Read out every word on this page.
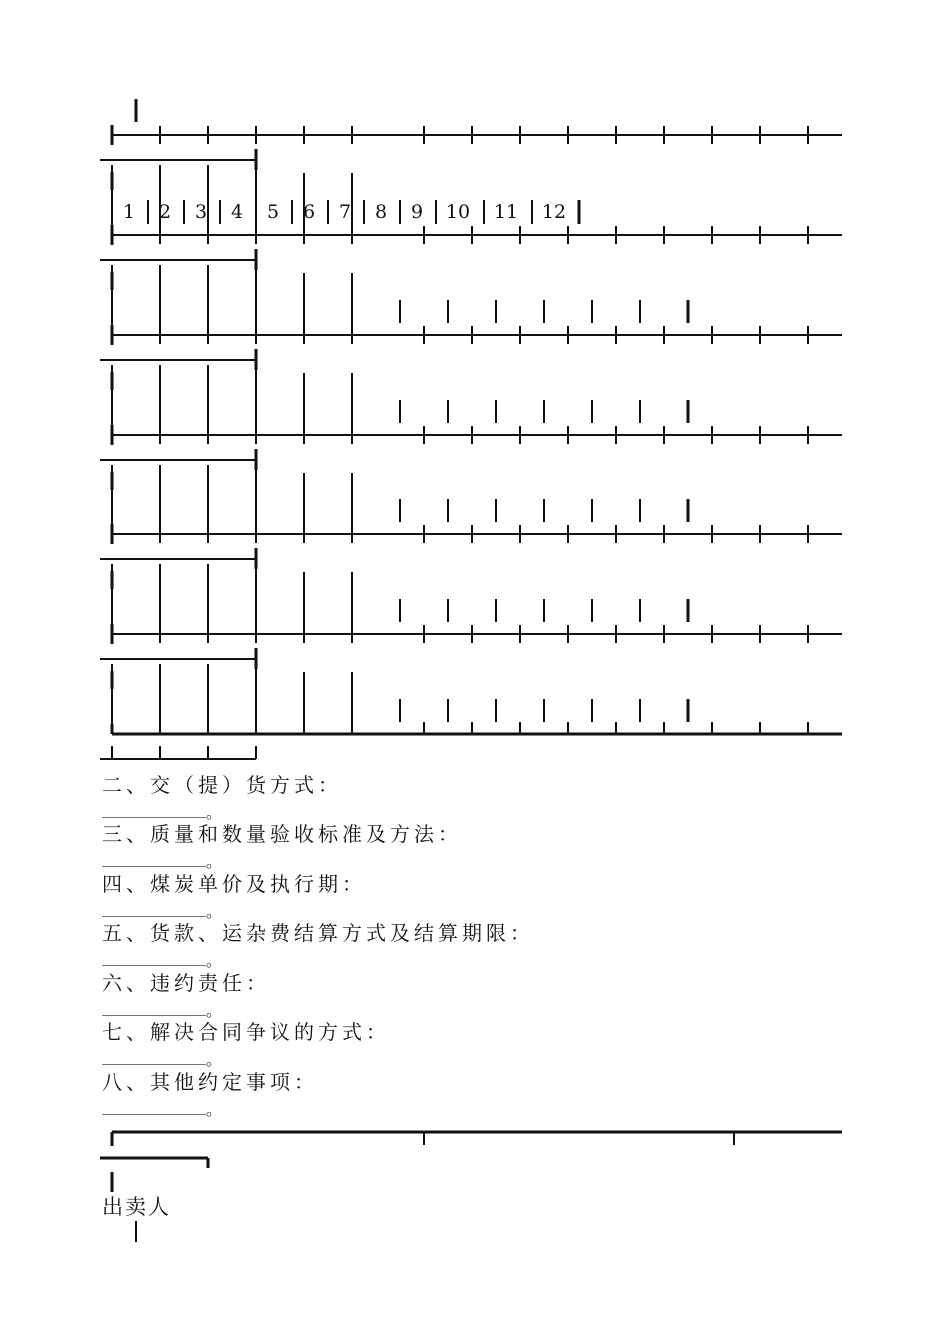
1	2	3	4	5	6	7	8	9	10 11 12
二、交（提）货方式：
。
三、质量和数量验收标准及方法：
。
四、煤炭单价及执行期：
。
五、货款、运杂费结算方式及结算期限：
。
六、违约责任：
。
七、解决合同争议的方式：
。
八、其他约定事项：
。
出卖人
